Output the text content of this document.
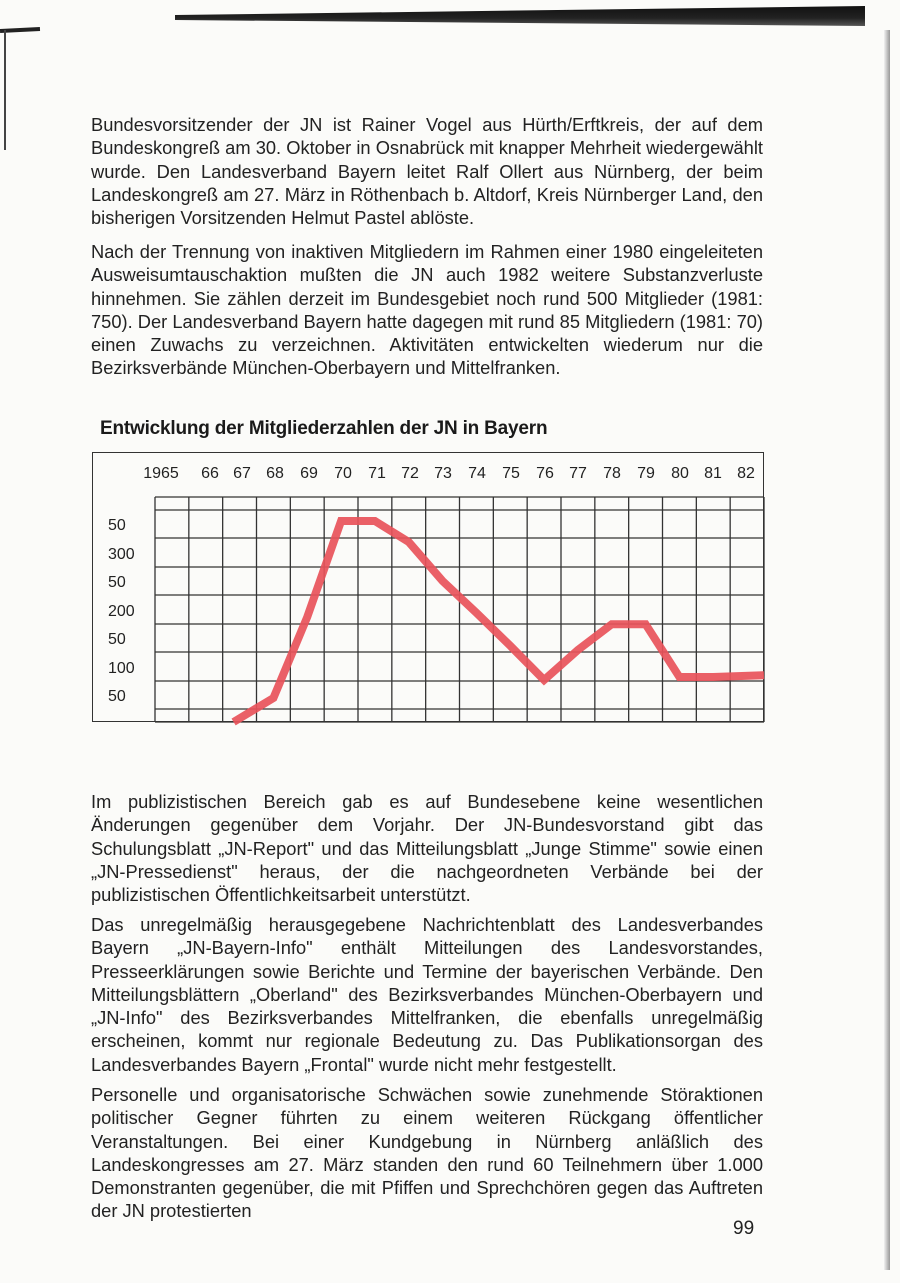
Bundesvorsitzender der JN ist Rainer Vogel aus Hürth/Erftkreis, der auf dem Bundeskongreß am 30. Oktober in Osnabrück mit knapper Mehrheit wiedergewählt wurde. Den Landesverband Bayern leitet Ralf Ollert aus Nürnberg, der beim Landeskongreß am 27. März in Röthenbach b. Altdorf, Kreis Nürnberger Land, den bisherigen Vorsitzenden Helmut Pastel ablöste.

Nach der Trennung von inaktiven Mitgliedern im Rahmen einer 1980 eingeleiteten Ausweisumtauschaktion mußten die JN auch 1982 weitere Substanzverluste hinnehmen. Sie zählen derzeit im Bundesgebiet noch rund 500 Mitglieder (1981: 750). Der Landesverband Bayern hatte dagegen mit rund 85 Mitgliedern (1981: 70) einen Zuwachs zu verzeichnen. Aktivitäten entwickelten wiederum nur die Bezirksverbände München-Oberbayern und Mittelfranken.

Entwicklung der Mitgliederzahlen der JN in Bayern
1965 66 67 68 69 70 71 72 73 74 75 76 77 78 79 80 81 82
50
300
50
200
50
100
50

Im publizistischen Bereich gab es auf Bundesebene keine wesentlichen Änderungen gegenüber dem Vorjahr. Der JN-Bundesvorstand gibt das Schulungsblatt „JN-Report" und das Mitteilungsblatt „Junge Stimme" sowie einen „JN-Pressedienst" heraus, der die nachgeordneten Verbände bei der publizistischen Öffentlichkeitsarbeit unterstützt.

Das unregelmäßig herausgegebene Nachrichtenblatt des Landesverbandes Bayern „JN-Bayern-Info" enthält Mitteilungen des Landesvorstandes, Presseerklärungen sowie Berichte und Termine der bayerischen Verbände. Den Mitteilungsblättern „Oberland" des Bezirksverbandes München-Oberbayern und „JN-Info" des Bezirksverbandes Mittelfranken, die ebenfalls unregelmäßig erscheinen, kommt nur regionale Bedeutung zu. Das Publikationsorgan des Landesverbandes Bayern „Frontal" wurde nicht mehr festgestellt.

Personelle und organisatorische Schwächen sowie zunehmende Störaktionen politischer Gegner führten zu einem weiteren Rückgang öffentlicher Veranstaltungen. Bei einer Kundgebung in Nürnberg anläßlich des Landeskongresses am 27. März standen den rund 60 Teilnehmern über 1.000 Demonstranten gegenüber, die mit Pfiffen und Sprechchören gegen das Auftreten der JN protestierten

99
